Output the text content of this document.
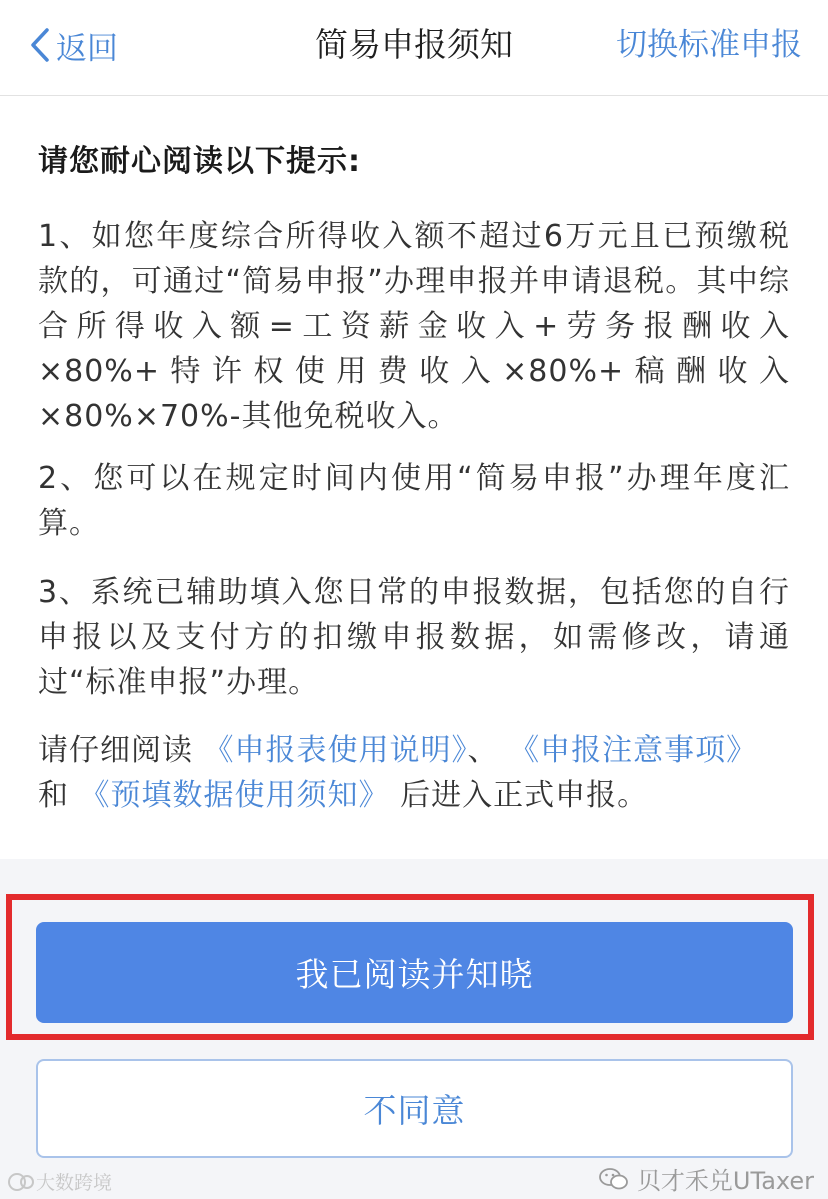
返回	简易申报须知	切换标准申报
请您耐心阅读以下提示:
1、如您年度综合所得收入额不超过6万元且已预缴税款的，可通过“简易申报”办理申报并申请退税。其中综合所得收入额=工资薪金收入+劳务报酬收入×80%+特许权使用费收入×80%+稿酬收入×80%×70%-其他免税收入。
2、您可以在规定时间内使用“简易申报”办理年度汇算。
3、系统已辅助填入您日常的申报数据，包括您的自行申报以及支付方的扣缴申报数据，如需修改，请通过“标准申报”办理。
请仔细阅读 《申报表使用说明》、 《申报注意事项》
和 《预填数据使用须知》 后进入正式申报。
我已阅读并知晓
不同意
大数跨境	贝才禾兑UTaxer
